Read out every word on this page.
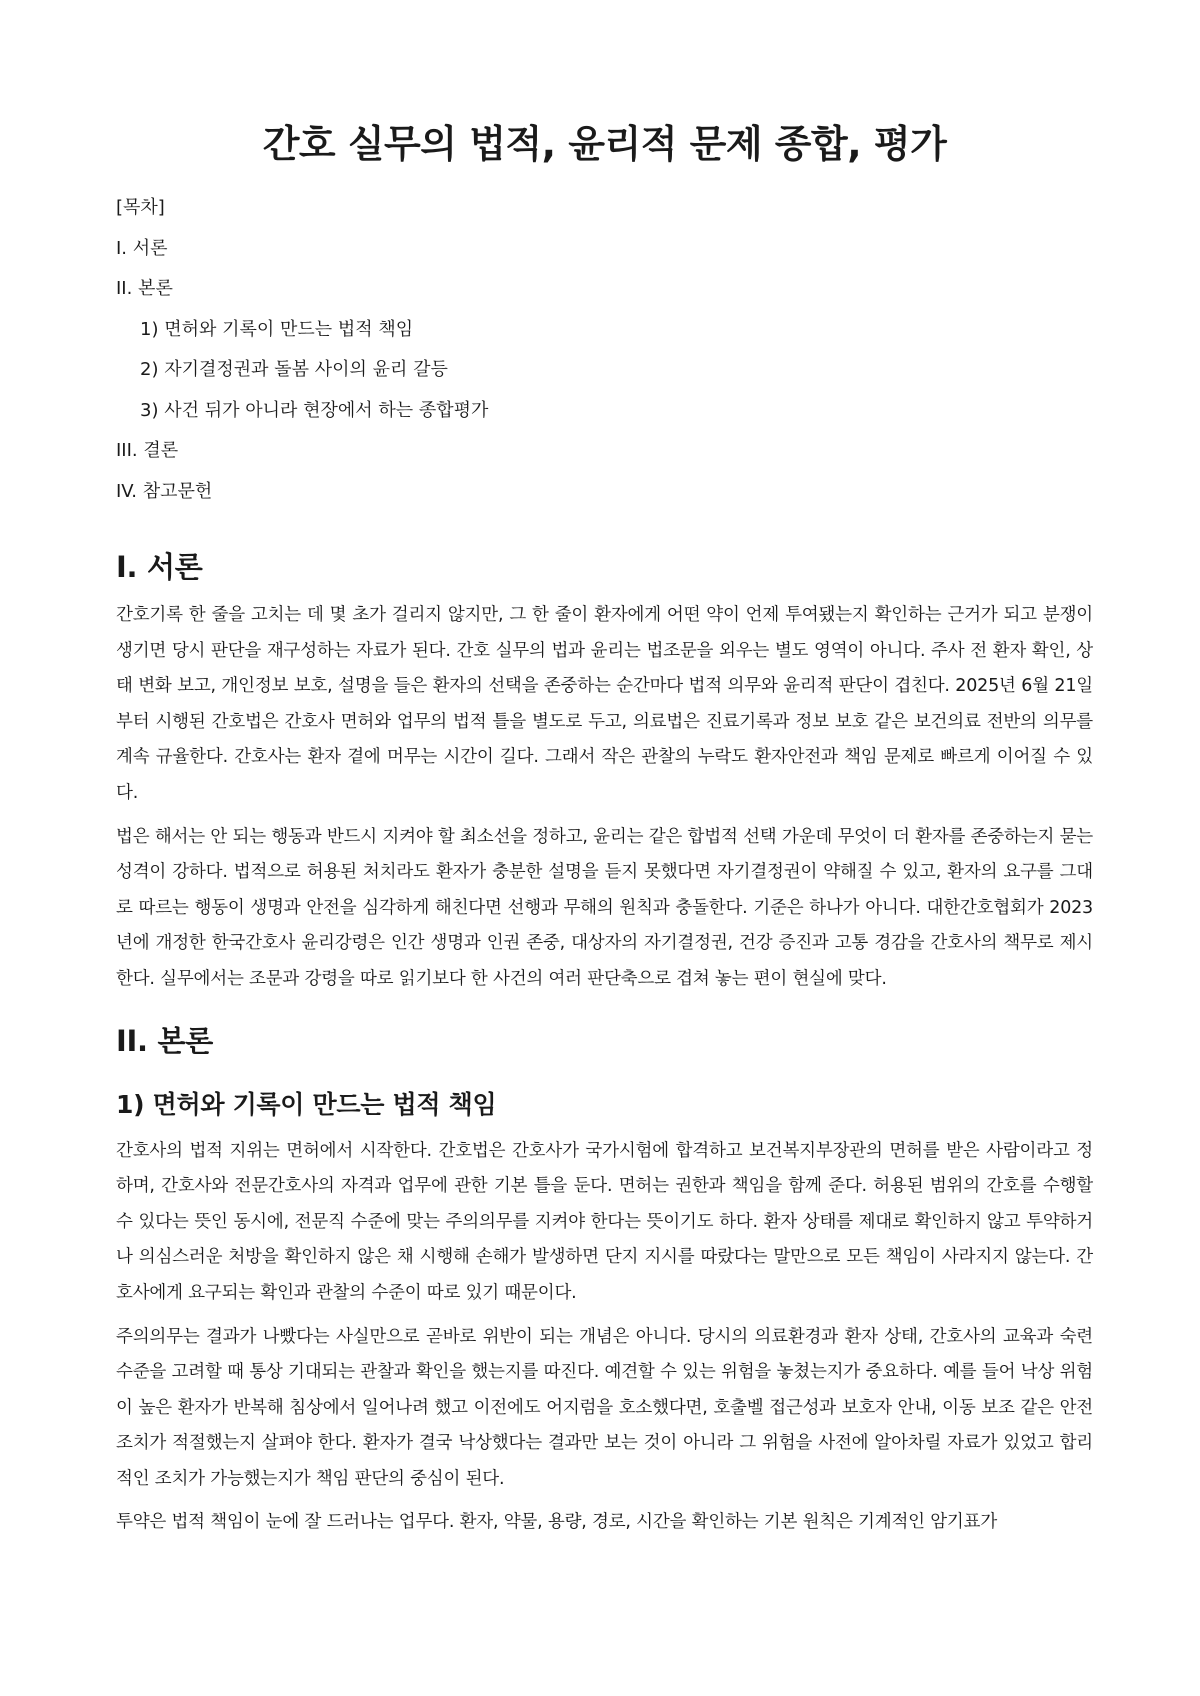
간호 실무의 법적, 윤리적 문제 종합, 평가
[목차]
I. 서론
II. 본론
1) 면허와 기록이 만드는 법적 책임
2) 자기결정권과 돌봄 사이의 윤리 갈등
3) 사건 뒤가 아니라 현장에서 하는 종합평가
III. 결론
IV. 참고문헌
I. 서론

간호기록 한 줄을 고치는 데 몇 초가 걸리지 않지만, 그 한 줄이 환자에게 어떤 약이 언제 투여됐는지 확인하는 근거가 되고 분쟁이 생기면 당시 판단을 재구성하는 자료가 된다. 간호 실무의 법과 윤리는 법조문을 외우는 별도 영역이 아니다. 주사 전 환자 확인, 상태 변화 보고, 개인정보 보호, 설명을 들은 환자의 선택을 존중하는 순간마다 법적 의무와 윤리적 판단이 겹친다. 2025년 6월 21일부터 시행된 간호법은 간호사 면허와 업무의 법적 틀을 별도로 두고, 의료법은 진료기록과 정보 보호 같은 보건의료 전반의 의무를 계속 규율한다. 간호사는 환자 곁에 머무는 시간이 길다. 그래서 작은 관찰의 누락도 환자안전과 책임 문제로 빠르게 이어질 수 있다.

법은 해서는 안 되는 행동과 반드시 지켜야 할 최소선을 정하고, 윤리는 같은 합법적 선택 가운데 무엇이 더 환자를 존중하는지 묻는 성격이 강하다. 법적으로 허용된 처치라도 환자가 충분한 설명을 듣지 못했다면 자기결정권이 약해질 수 있고, 환자의 요구를 그대로 따르는 행동이 생명과 안전을 심각하게 해친다면 선행과 무해의 원칙과 충돌한다. 기준은 하나가 아니다. 대한간호협회가 2023년에 개정한 한국간호사 윤리강령은 인간 생명과 인권 존중, 대상자의 자기결정권, 건강 증진과 고통 경감을 간호사의 책무로 제시한다. 실무에서는 조문과 강령을 따로 읽기보다 한 사건의 여러 판단축으로 겹쳐 놓는 편이 현실에 맞다.

II. 본론
1) 면허와 기록이 만드는 법적 책임

간호사의 법적 지위는 면허에서 시작한다. 간호법은 간호사가 국가시험에 합격하고 보건복지부장관의 면허를 받은 사람이라고 정하며, 간호사와 전문간호사의 자격과 업무에 관한 기본 틀을 둔다. 면허는 권한과 책임을 함께 준다. 허용된 범위의 간호를 수행할 수 있다는 뜻인 동시에, 전문직 수준에 맞는 주의의무를 지켜야 한다는 뜻이기도 하다. 환자 상태를 제대로 확인하지 않고 투약하거나 의심스러운 처방을 확인하지 않은 채 시행해 손해가 발생하면 단지 지시를 따랐다는 말만으로 모든 책임이 사라지지 않는다. 간호사에게 요구되는 확인과 관찰의 수준이 따로 있기 때문이다.

주의의무는 결과가 나빴다는 사실만으로 곧바로 위반이 되는 개념은 아니다. 당시의 의료환경과 환자 상태, 간호사의 교육과 숙련 수준을 고려할 때 통상 기대되는 관찰과 확인을 했는지를 따진다. 예견할 수 있는 위험을 놓쳤는지가 중요하다. 예를 들어 낙상 위험이 높은 환자가 반복해 침상에서 일어나려 했고 이전에도 어지럼을 호소했다면, 호출벨 접근성과 보호자 안내, 이동 보조 같은 안전조치가 적절했는지 살펴야 한다. 환자가 결국 낙상했다는 결과만 보는 것이 아니라 그 위험을 사전에 알아차릴 자료가 있었고 합리적인 조치가 가능했는지가 책임 판단의 중심이 된다.

투약은 법적 책임이 눈에 잘 드러나는 업무다. 환자, 약물, 용량, 경로, 시간을 확인하는 기본 원칙은 기계적인 암기표가
